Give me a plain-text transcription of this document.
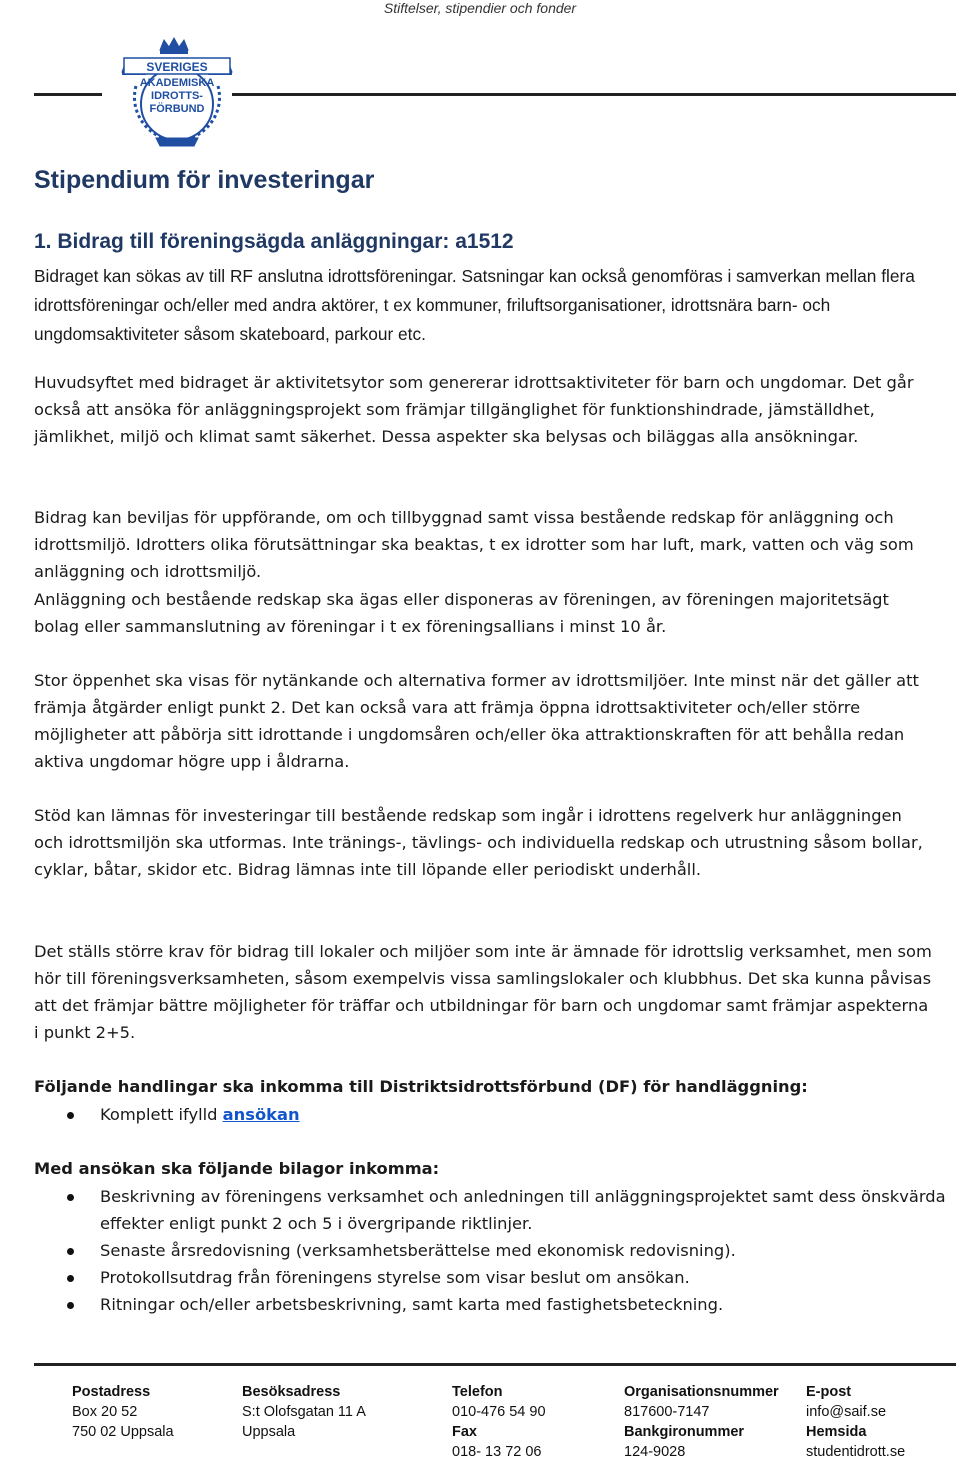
Stiftelser, stipendier och fonder
SVERIGES
AKADEMISKA
IDROTTS-
FÖRBUND
Stipendium för investeringar
1. Bidrag till föreningsägda anläggningar: a1512

Bidraget kan sökas av till RF anslutna idrottsföreningar. Satsningar kan också genomföras i samverkan mellan flera idrottsföreningar och/eller med andra aktörer, t ex kommuner, friluftsorganisationer, idrottsnära barn- och ungdomsaktiviteter såsom skateboard, parkour etc.

Huvudsyftet med bidraget är aktivitetsytor som genererar idrottsaktiviteter för barn och ungdomar. Det går också att ansöka för anläggningsprojekt som främjar tillgänglighet för funktionshindrade, jämställdhet, jämlikhet, miljö och klimat samt säkerhet. Dessa aspekter ska belysas och biläggas alla ansökningar.

Bidrag kan beviljas för uppförande, om och tillbyggnad samt vissa bestående redskap för anläggning och idrottsmiljö. Idrotters olika förutsättningar ska beaktas, t ex idrotter som har luft, mark, vatten och väg som anläggning och idrottsmiljö.

Anläggning och bestående redskap ska ägas eller disponeras av föreningen, av föreningen majoritetsägt bolag eller sammanslutning av föreningar i t ex föreningsallians i minst 10 år.

Stor öppenhet ska visas för nytänkande och alternativa former av idrottsmiljöer. Inte minst när det gäller att främja åtgärder enligt punkt 2. Det kan också vara att främja öppna idrottsaktiviteter och/eller större möjligheter att påbörja sitt idrottande i ungdomsåren och/eller öka attraktionskraften för att behålla redan aktiva ungdomar högre upp i åldrarna.

Stöd kan lämnas för investeringar till bestående redskap som ingår i idrottens regelverk hur anläggningen och idrottsmiljön ska utformas. Inte tränings-, tävlings- och individuella redskap och utrustning såsom bollar, cyklar, båtar, skidor etc. Bidrag lämnas inte till löpande eller periodiskt underhåll.

Det ställs större krav för bidrag till lokaler och miljöer som inte är ämnade för idrottslig verksamhet, men som hör till föreningsverksamheten, såsom exempelvis vissa samlingslokaler och klubbhus. Det ska kunna påvisas att det främjar bättre möjligheter för träffar och utbildningar för barn och ungdomar samt främjar aspekterna i punkt 2+5.

Följande handlingar ska inkomma till Distriktsidrottsförbund (DF) för handläggning:

Komplett ifylld ansökan

Med ansökan ska följande bilagor inkomma:

Beskrivning av föreningens verksamhet och anledningen till anläggningsprojektet samt dess önskvärda effekter enligt punkt 2 och 5 i övergripande riktlinjer.
Senaste årsredovisning (verksamhetsberättelse med ekonomisk redovisning).
Protokollsutdrag från föreningens styrelse som visar beslut om ansökan.
Ritningar och/eller arbetsbeskrivning, samt karta med fastighetsbeteckning.
Postadress
Box 20 52
750 02 Uppsala
Besöksadress
S:t Olofsgatan 11 A
Uppsala
Telefon
010-476 54 90
Fax
018- 13 72 06
Organisationsnummer
817600-7147
Bankgironummer
124-9028
E-post
info@saif.se
Hemsida
studentidrott.se
